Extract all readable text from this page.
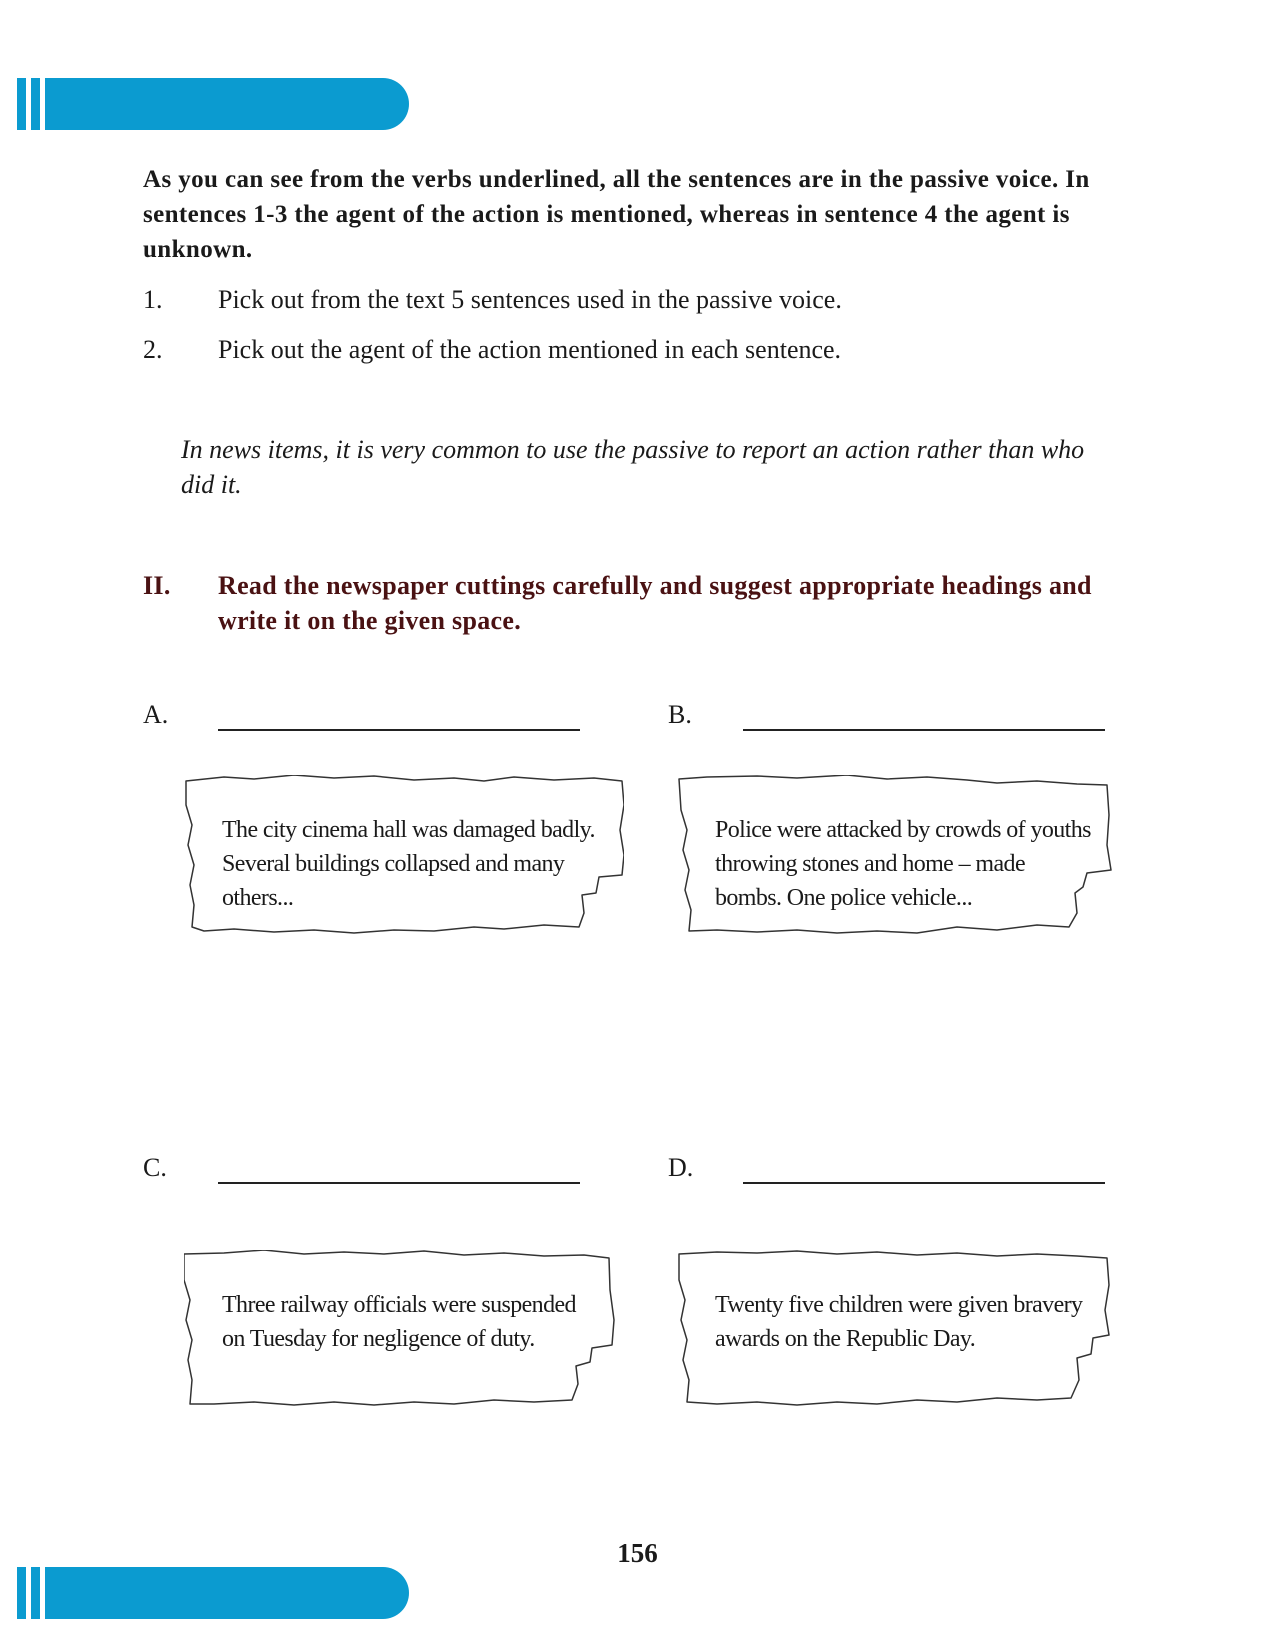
As you can see from the verbs underlined, all the sentences are in the passive voice. In sentences 1-3 the agent of the action is mentioned, whereas in sentence 4 the agent is unknown.

1.	Pick out from the text 5 sentences used in the passive voice.
2.	Pick out the agent of the action mentioned in each sentence.

In news items, it is very common to use the passive to report an action rather than who did it.

II.	Read the newspaper cuttings carefully and suggest appropriate headings and write it on the given space.
A.	B.
C.	D.
The city cinema hall was damaged badly. Several buildings collapsed and many others...
Police were attacked by crowds of youths throwing stones and home – made bombs. One police vehicle...
Three railway officials were suspended on Tuesday for negligence of duty.
Twenty five children were given bravery awards on the Republic Day.
156
